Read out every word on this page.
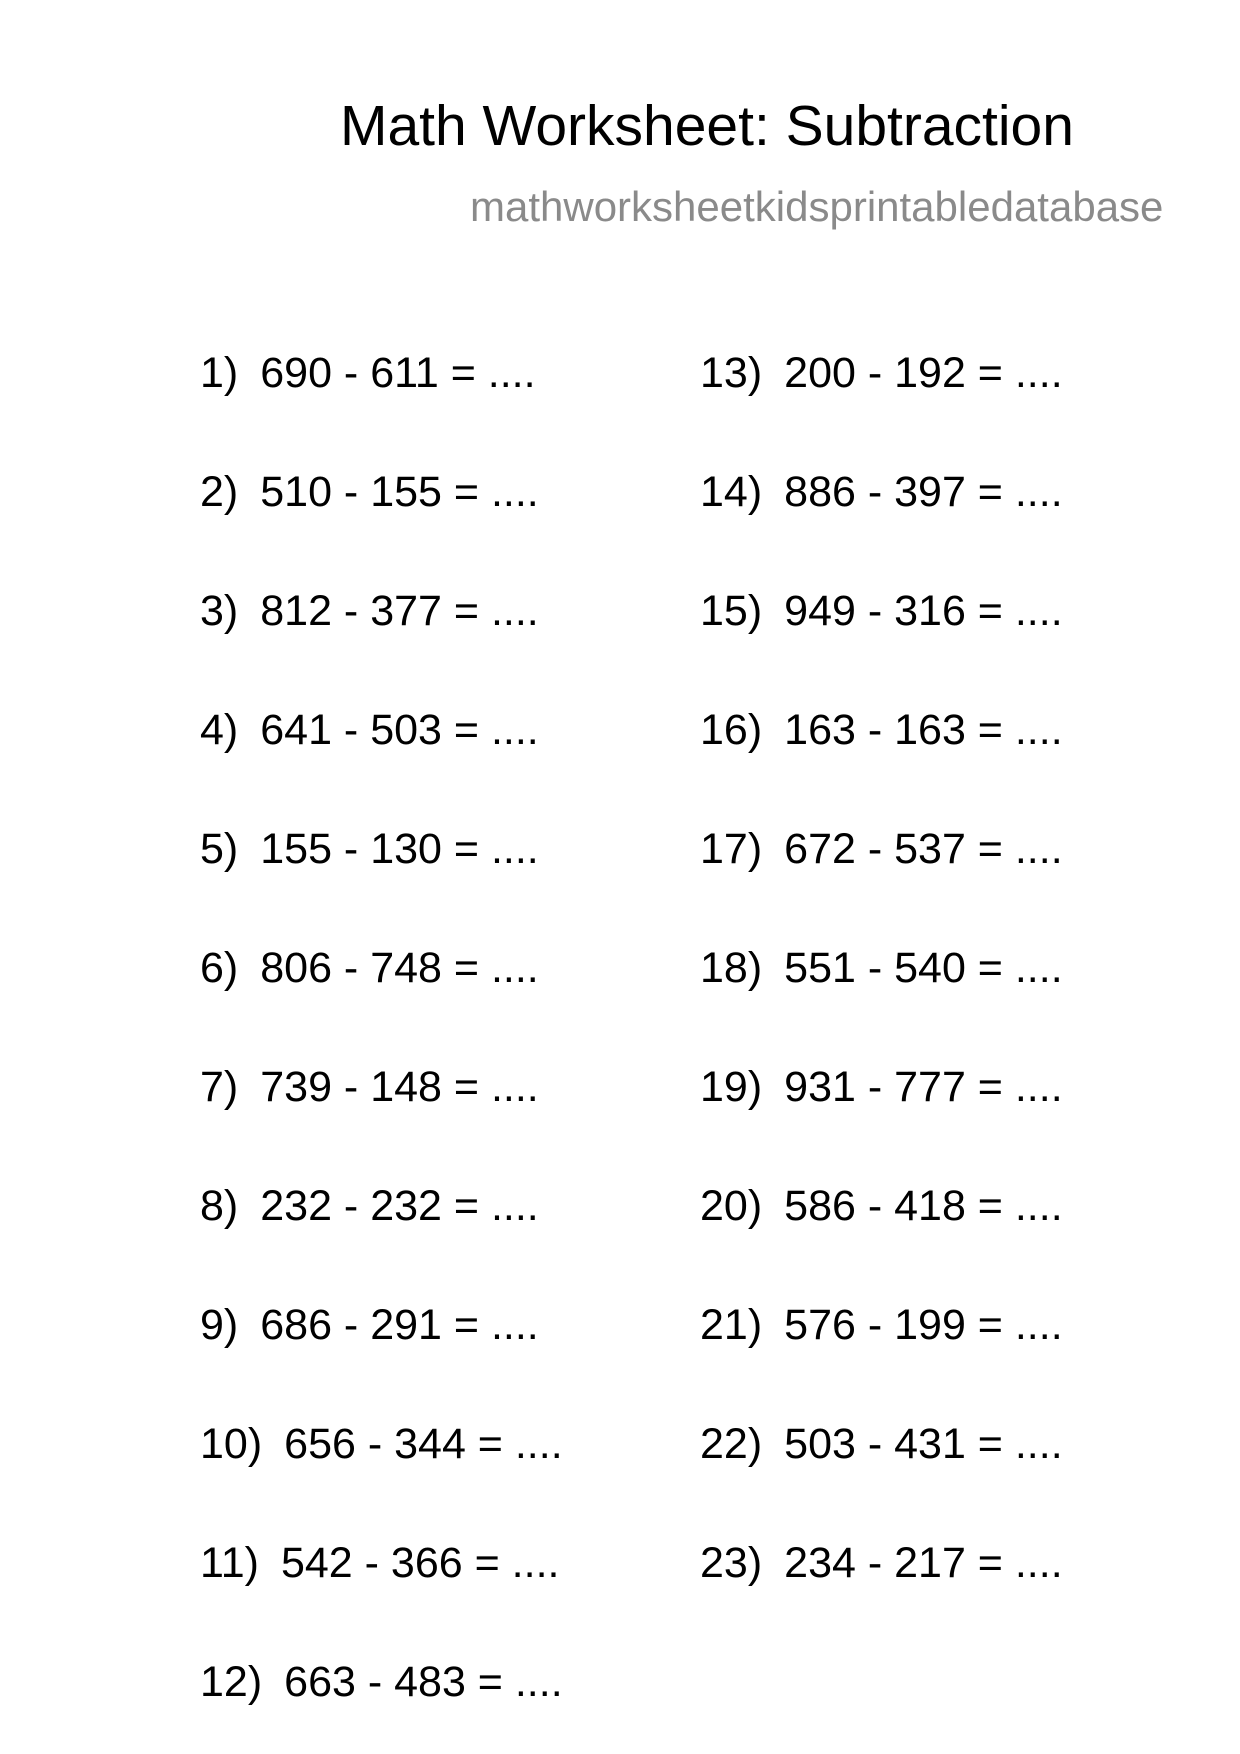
Math Worksheet: Subtraction
mathworksheetkidsprintabledatabase
1) 690 - 611 = ....
2) 510 - 155 = ....
3) 812 - 377 = ....
4) 641 - 503 = ....
5) 155 - 130 = ....
6) 806 - 748 = ....
7) 739 - 148 = ....
8) 232 - 232 = ....
9) 686 - 291 = ....
10) 656 - 344 = ....
11) 542 - 366 = ....
12) 663 - 483 = ....
13) 200 - 192 = ....
14) 886 - 397 = ....
15) 949 - 316 = ....
16) 163 - 163 = ....
17) 672 - 537 = ....
18) 551 - 540 = ....
19) 931 - 777 = ....
20) 586 - 418 = ....
21) 576 - 199 = ....
22) 503 - 431 = ....
23) 234 - 217 = ....
